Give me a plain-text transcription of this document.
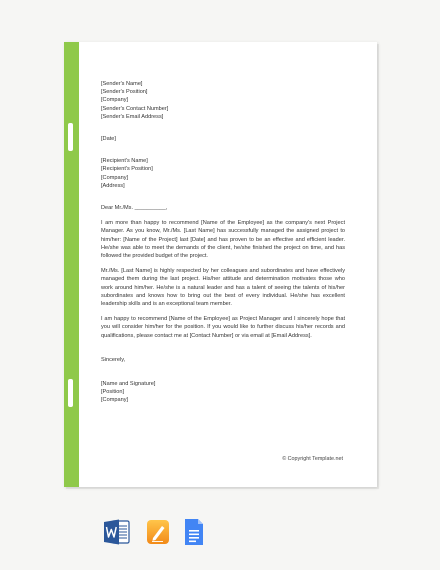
[Sender's Name]
[Sender's Position]
[Company]
[Sender's Contact Number]
[Sender's Email Address]
[Date]
[Recipient's Name]
[Recipient's Position]
[Company]
[Address]
Dear Mr./Ms. __________,

I am more than happy to recommend [Name of the Employee] as the company's next Project Manager. As you know, Mr./Ms. [Last Name] has successfully managed the assigned project to him/her: [Name of the Project] last [Date] and has proven to be an effective and efficient leader. He/she was able to meet the demands of the client, he/she finished the project on time, and has followed the provided budget of the project.

Mr./Ms. [Last Name] is highly respected by her colleagues and subordinates and have effectively managed them during the last project. His/her attitude and determination motivates those who work around him/her. He/she is a natural leader and has a talent of seeing the talents of his/her subordinates and knows how to bring out the best of every individual. He/she has excellent leadership skills and is an exceptional team member.

I am happy to recommend [Name of the Employee] as Project Manager and I sincerely hope that you will consider him/her for the position. If you would like to further discuss his/her records and qualifications, please contact me at [Contact Number] or via email at [Email Address].

Sincerely,
[Name and Signature]
[Position]
[Company]
© Copyright Template.net
